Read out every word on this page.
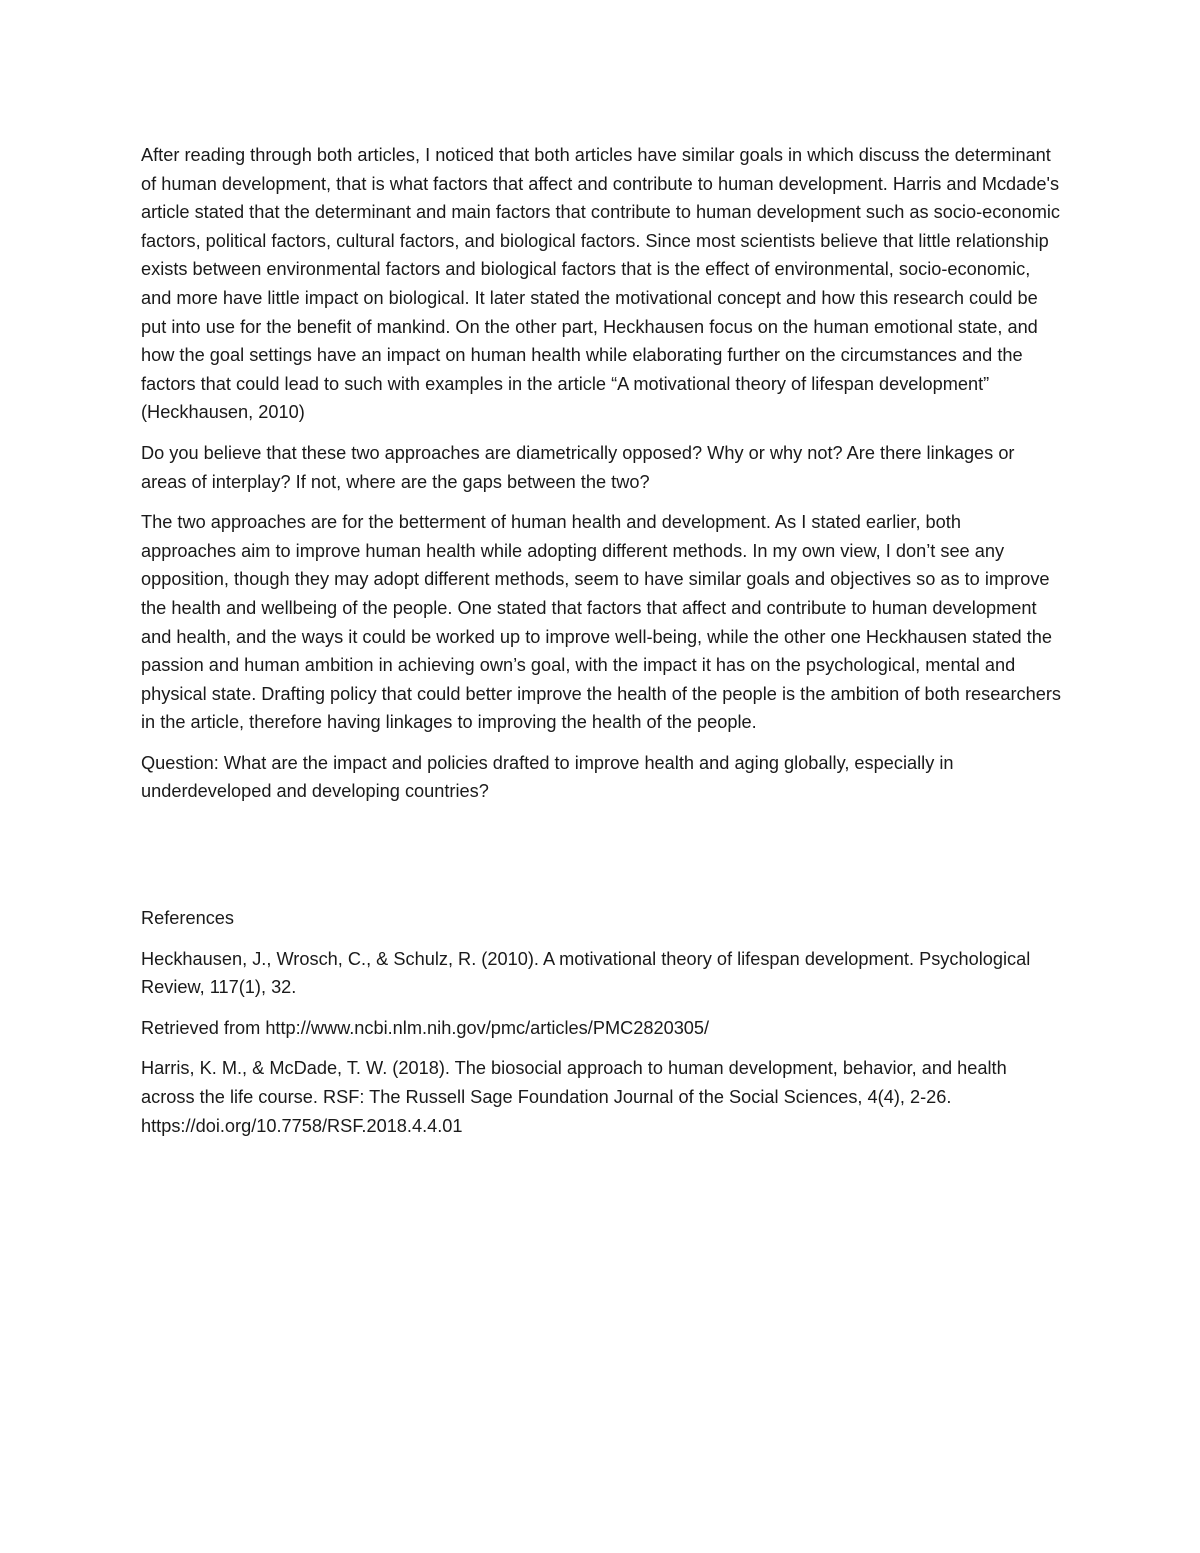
After reading through both articles, I noticed that both articles have similar goals in which discuss the determinant of human development, that is what factors that affect and contribute to human development. Harris and Mcdade's article stated that the determinant and main factors that contribute to human development such as socio-economic factors, political factors, cultural factors, and biological factors. Since most scientists believe that little relationship exists between environmental factors and biological factors that is the effect of environmental, socio-economic, and more have little impact on biological. It later stated the motivational concept and how this research could be put into use for the benefit of mankind. On the other part, Heckhausen focus on the human emotional state, and how the goal settings have an impact on human health while elaborating further on the circumstances and the factors that could lead to such with examples in the article “A motivational theory of lifespan development” (Heckhausen, 2010)

Do you believe that these two approaches are diametrically opposed? Why or why not? Are there linkages or areas of interplay? If not, where are the gaps between the two?

The two approaches are for the betterment of human health and development. As I stated earlier, both approaches aim to improve human health while adopting different methods. In my own view, I don’t see any opposition, though they may adopt different methods, seem to have similar goals and objectives so as to improve the health and wellbeing of the people. One stated that factors that affect and contribute to human development and health, and the ways it could be worked up to improve well-being, while the other one Heckhausen stated the passion and human ambition in achieving own’s goal, with the impact it has on the psychological, mental and physical state. Drafting policy that could better improve the health of the people is the ambition of both researchers in the article, therefore having linkages to improving the health of the people.

Question: What are the impact and policies drafted to improve health and aging globally, especially in underdeveloped and developing countries?

References

Heckhausen, J., Wrosch, C., & Schulz, R. (2010). A motivational theory of lifespan development. Psychological Review, 117(1), 32.

Retrieved from http://www.ncbi.nlm.nih.gov/pmc/articles/PMC2820305/

Harris, K. M., & McDade, T. W. (2018). The biosocial approach to human development, behavior, and health across the life course. RSF: The Russell Sage Foundation Journal of the Social Sciences, 4(4), 2-26. https://doi.org/10.7758/RSF.2018.4.4.01
